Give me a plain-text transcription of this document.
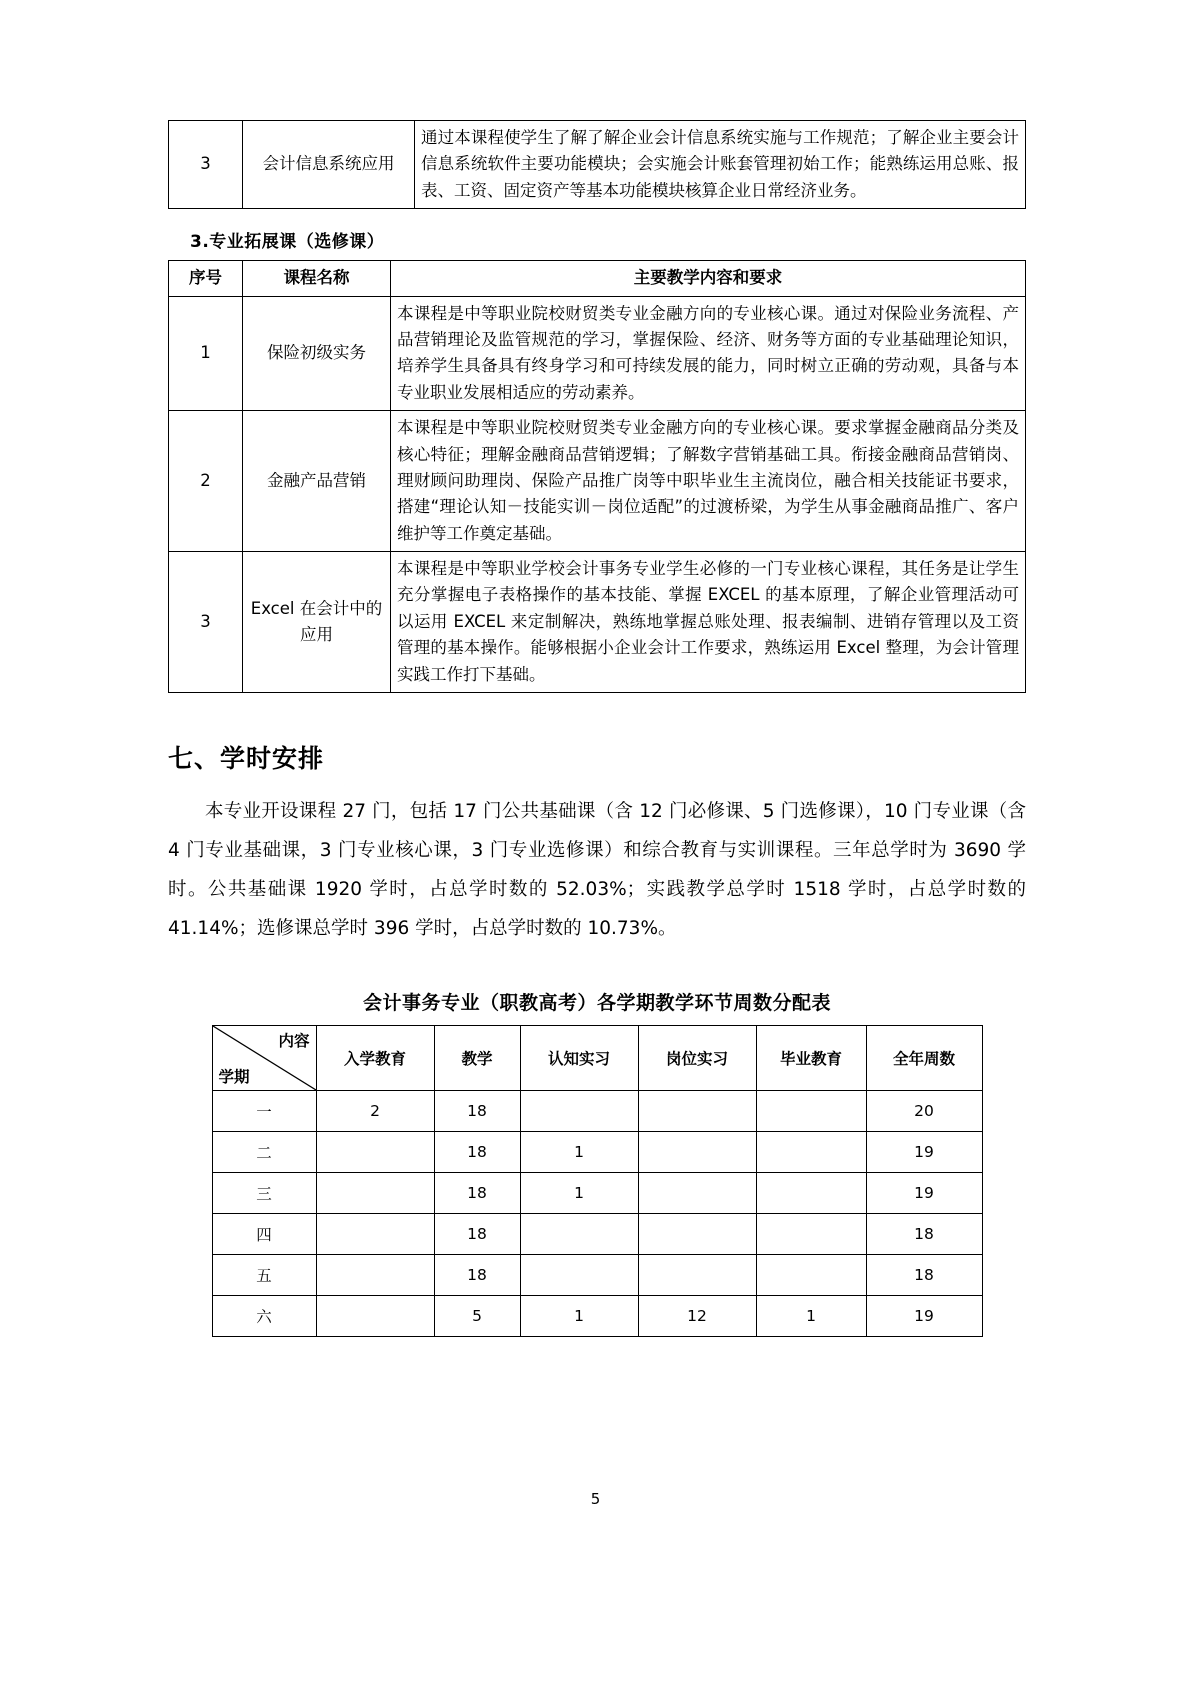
3	会计信息系统应用	通过本课程使学生了解了解企业会计信息系统实施与工作规范；了解企业主要会计信息系统软件主要功能模块；会实施会计账套管理初始工作；能熟练运用总账、报表、工资、固定资产等基本功能模块核算企业日常经济业务。
3.专业拓展课（选修课）
序号	课程名称	主要教学内容和要求
1	保险初级实务	本课程是中等职业院校财贸类专业金融方向的专业核心课。通过对保险业务流程、产品营销理论及监管规范的学习，掌握保险、经济、财务等方面的专业基础理论知识，培养学生具备具有终身学习和可持续发展的能力，同时树立正确的劳动观，具备与本专业职业发展相适应的劳动素养。
2	金融产品营销	本课程是中等职业院校财贸类专业金融方向的专业核心课。要求掌握金融商品分类及核心特征；理解金融商品营销逻辑；了解数字营销基础工具。衔接金融商品营销岗、理财顾问助理岗、保险产品推广岗等中职毕业生主流岗位，融合相关技能证书要求，搭建“理论认知－技能实训－岗位适配”的过渡桥梁，为学生从事金融商品推广、客户维护等工作奠定基础。
3	Excel 在会计中的应用	本课程是中等职业学校会计事务专业学生必修的一门专业核心课程，其任务是让学生充分掌握电子表格操作的基本技能、掌握 EXCEL 的基本原理，了解企业管理活动可以运用 EXCEL 来定制解决，熟练地掌握总账处理、报表编制、进销存管理以及工资管理的基本操作。能够根据小企业会计工作要求，熟练运用 Excel 整理，为会计管理实践工作打下基础。
七、学时安排

本专业开设课程 27 门，包括 17 门公共基础课（含 12 门必修课、5 门选修课），10 门专业课（含 4 门专业基础课，3 门专业核心课，3 门专业选修课）和综合教育与实训课程。三年总学时为 3690 学时。公共基础课 1920 学时，占总学时数的 52.03%；实践教学总学时 1518 学时，占总学时数的 41.14%；选修课总学时 396 学时，占总学时数的 10.73%。

会计事务专业（职教高考）各学期教学环节周数分配表
内容
学期	入学教育	教学	认知实习	岗位实习	毕业教育	全年周数
一	2	18				20
二		18	1			19
三		18	1			19
四		18				18
五		18				18
六		5	1	12	1	19
5
